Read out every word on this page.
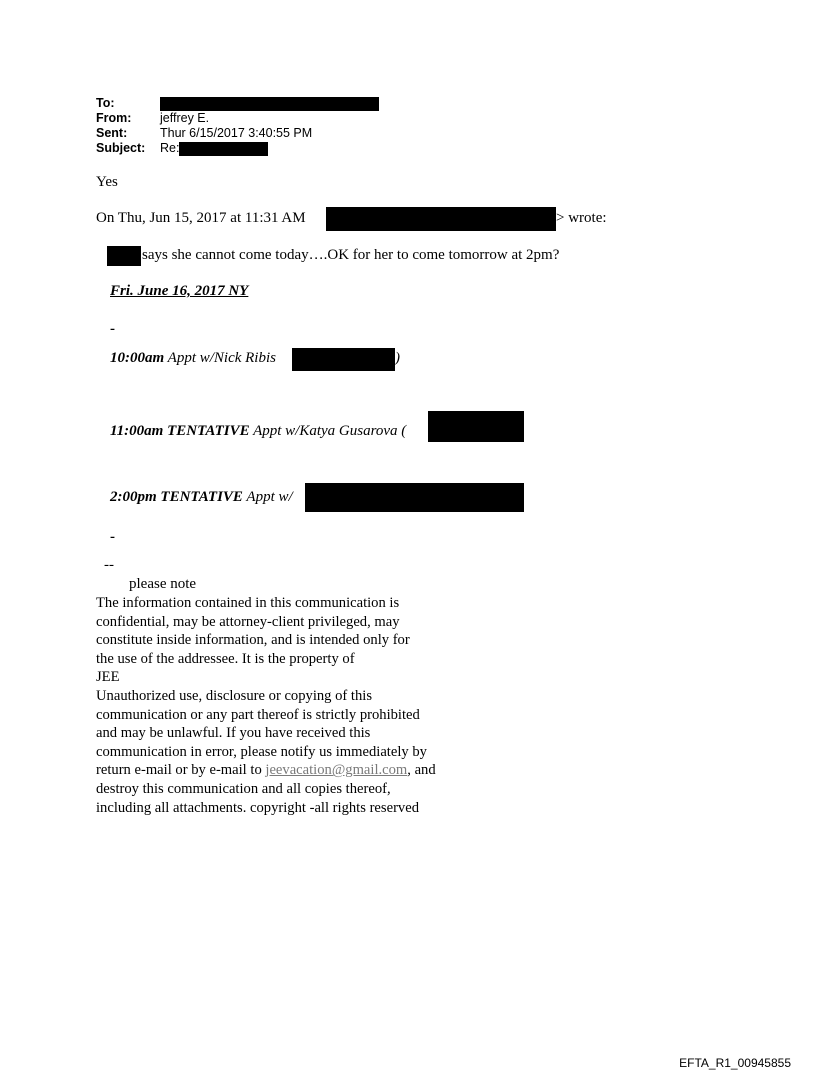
To:
From: jeffrey E.
Sent:	Thur 6/15/2017 3:40:55 PM
Subject: Re:
Yes
On Thu, Jun 15, 2017 at 11:31 AM	> wrote:
says she cannot come today….OK for her to come tomorrow at 2pm?
Fri. June 16, 2017 NY
-
10:00am Appt w/Nick Ribis	)
11:00am TENTATIVE Appt w/Katya Gusarova (
2:00pm TENTATIVE Appt w/
-
--
please note
The information contained in this communication is
confidential, may be attorney-client privileged, may
constitute inside information, and is intended only for
the use of the addressee. It is the property of
JEE
Unauthorized use, disclosure or copying of this
communication or any part thereof is strictly prohibited
and may be unlawful. If you have received this
communication in error, please notify us immediately by
return e-mail or by e-mail to jeevacation@gmail.com, and
destroy this communication and all copies thereof,
including all attachments. copyright -all rights reserved
EFTA_R1_00945855
